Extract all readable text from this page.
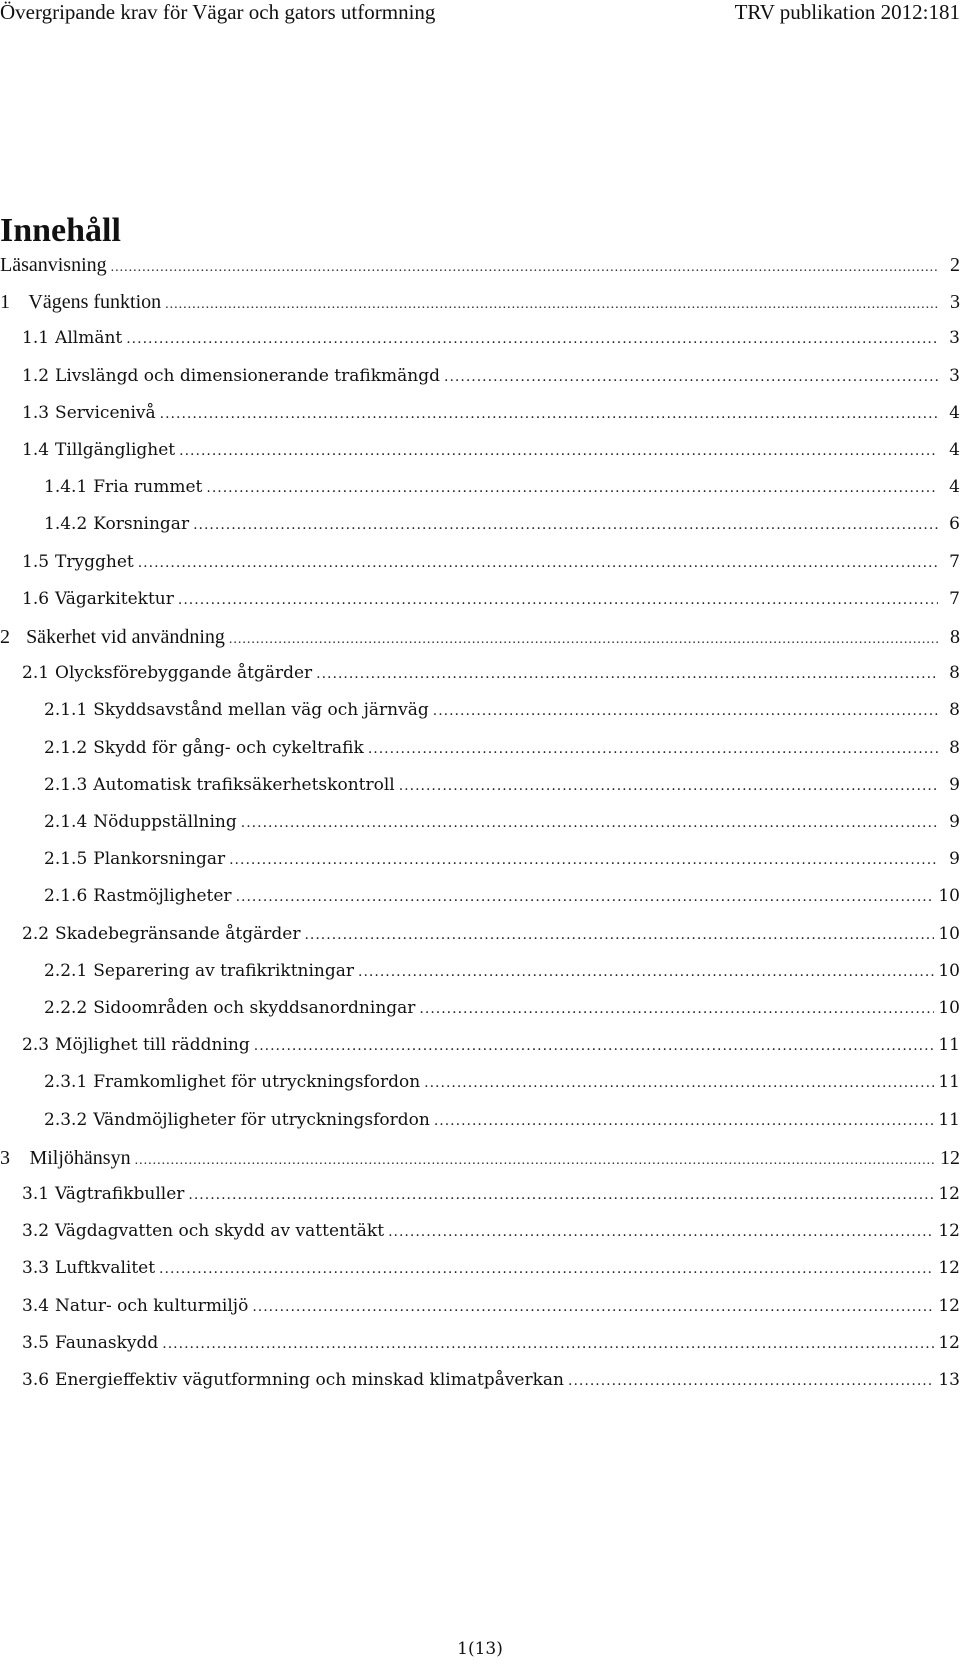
Övergripande krav för Vägar och gators utformning	TRV publikation 2012:181
Innehåll
Läsanvisning .....	2
1 Vägens funktion .....	3
1.1 Allmänt .....	3
1.2 Livslängd och dimensionerande trafikmängd .....	3
1.3 Servicenivå .....	4
1.4 Tillgänglighet .....	4
1.4.1 Fria rummet .....	4
1.4.2 Korsningar .....	6
1.5 Trygghet .....	7
1.6 Vägarkitektur .....	7
2 Säkerhet vid användning .....	8
2.1 Olycksförebyggande åtgärder .....	8
2.1.1 Skyddsavstånd mellan väg och järnväg .....	8
2.1.2 Skydd för gång- och cykeltrafik .....	8
2.1.3 Automatisk trafiksäkerhetskontroll .....	9
2.1.4 Nöduppställning .....	9
2.1.5 Plankorsningar .....	9
2.1.6 Rastmöjligheter .....	10
2.2 Skadebegränsande åtgärder .....	10
2.2.1 Separering av trafikriktningar .....	10
2.2.2 Sidoområden och skyddsanordningar .....	10
2.3 Möjlighet till räddning .....	11
2.3.1 Framkomlighet för utryckningsfordon .....	11
2.3.2 Vändmöjligheter för utryckningsfordon .....	11
3 Miljöhänsyn .....	12
3.1 Vägtrafikbuller .....	12
3.2 Vägdagvatten och skydd av vattentäkt .....	12
3.3 Luftkvalitet .....	12
3.4 Natur- och kulturmiljö .....	12
3.5 Faunaskydd .....	12
3.6 Energieffektiv vägutformning och minskad klimatpåverkan .....	13
1(13)
